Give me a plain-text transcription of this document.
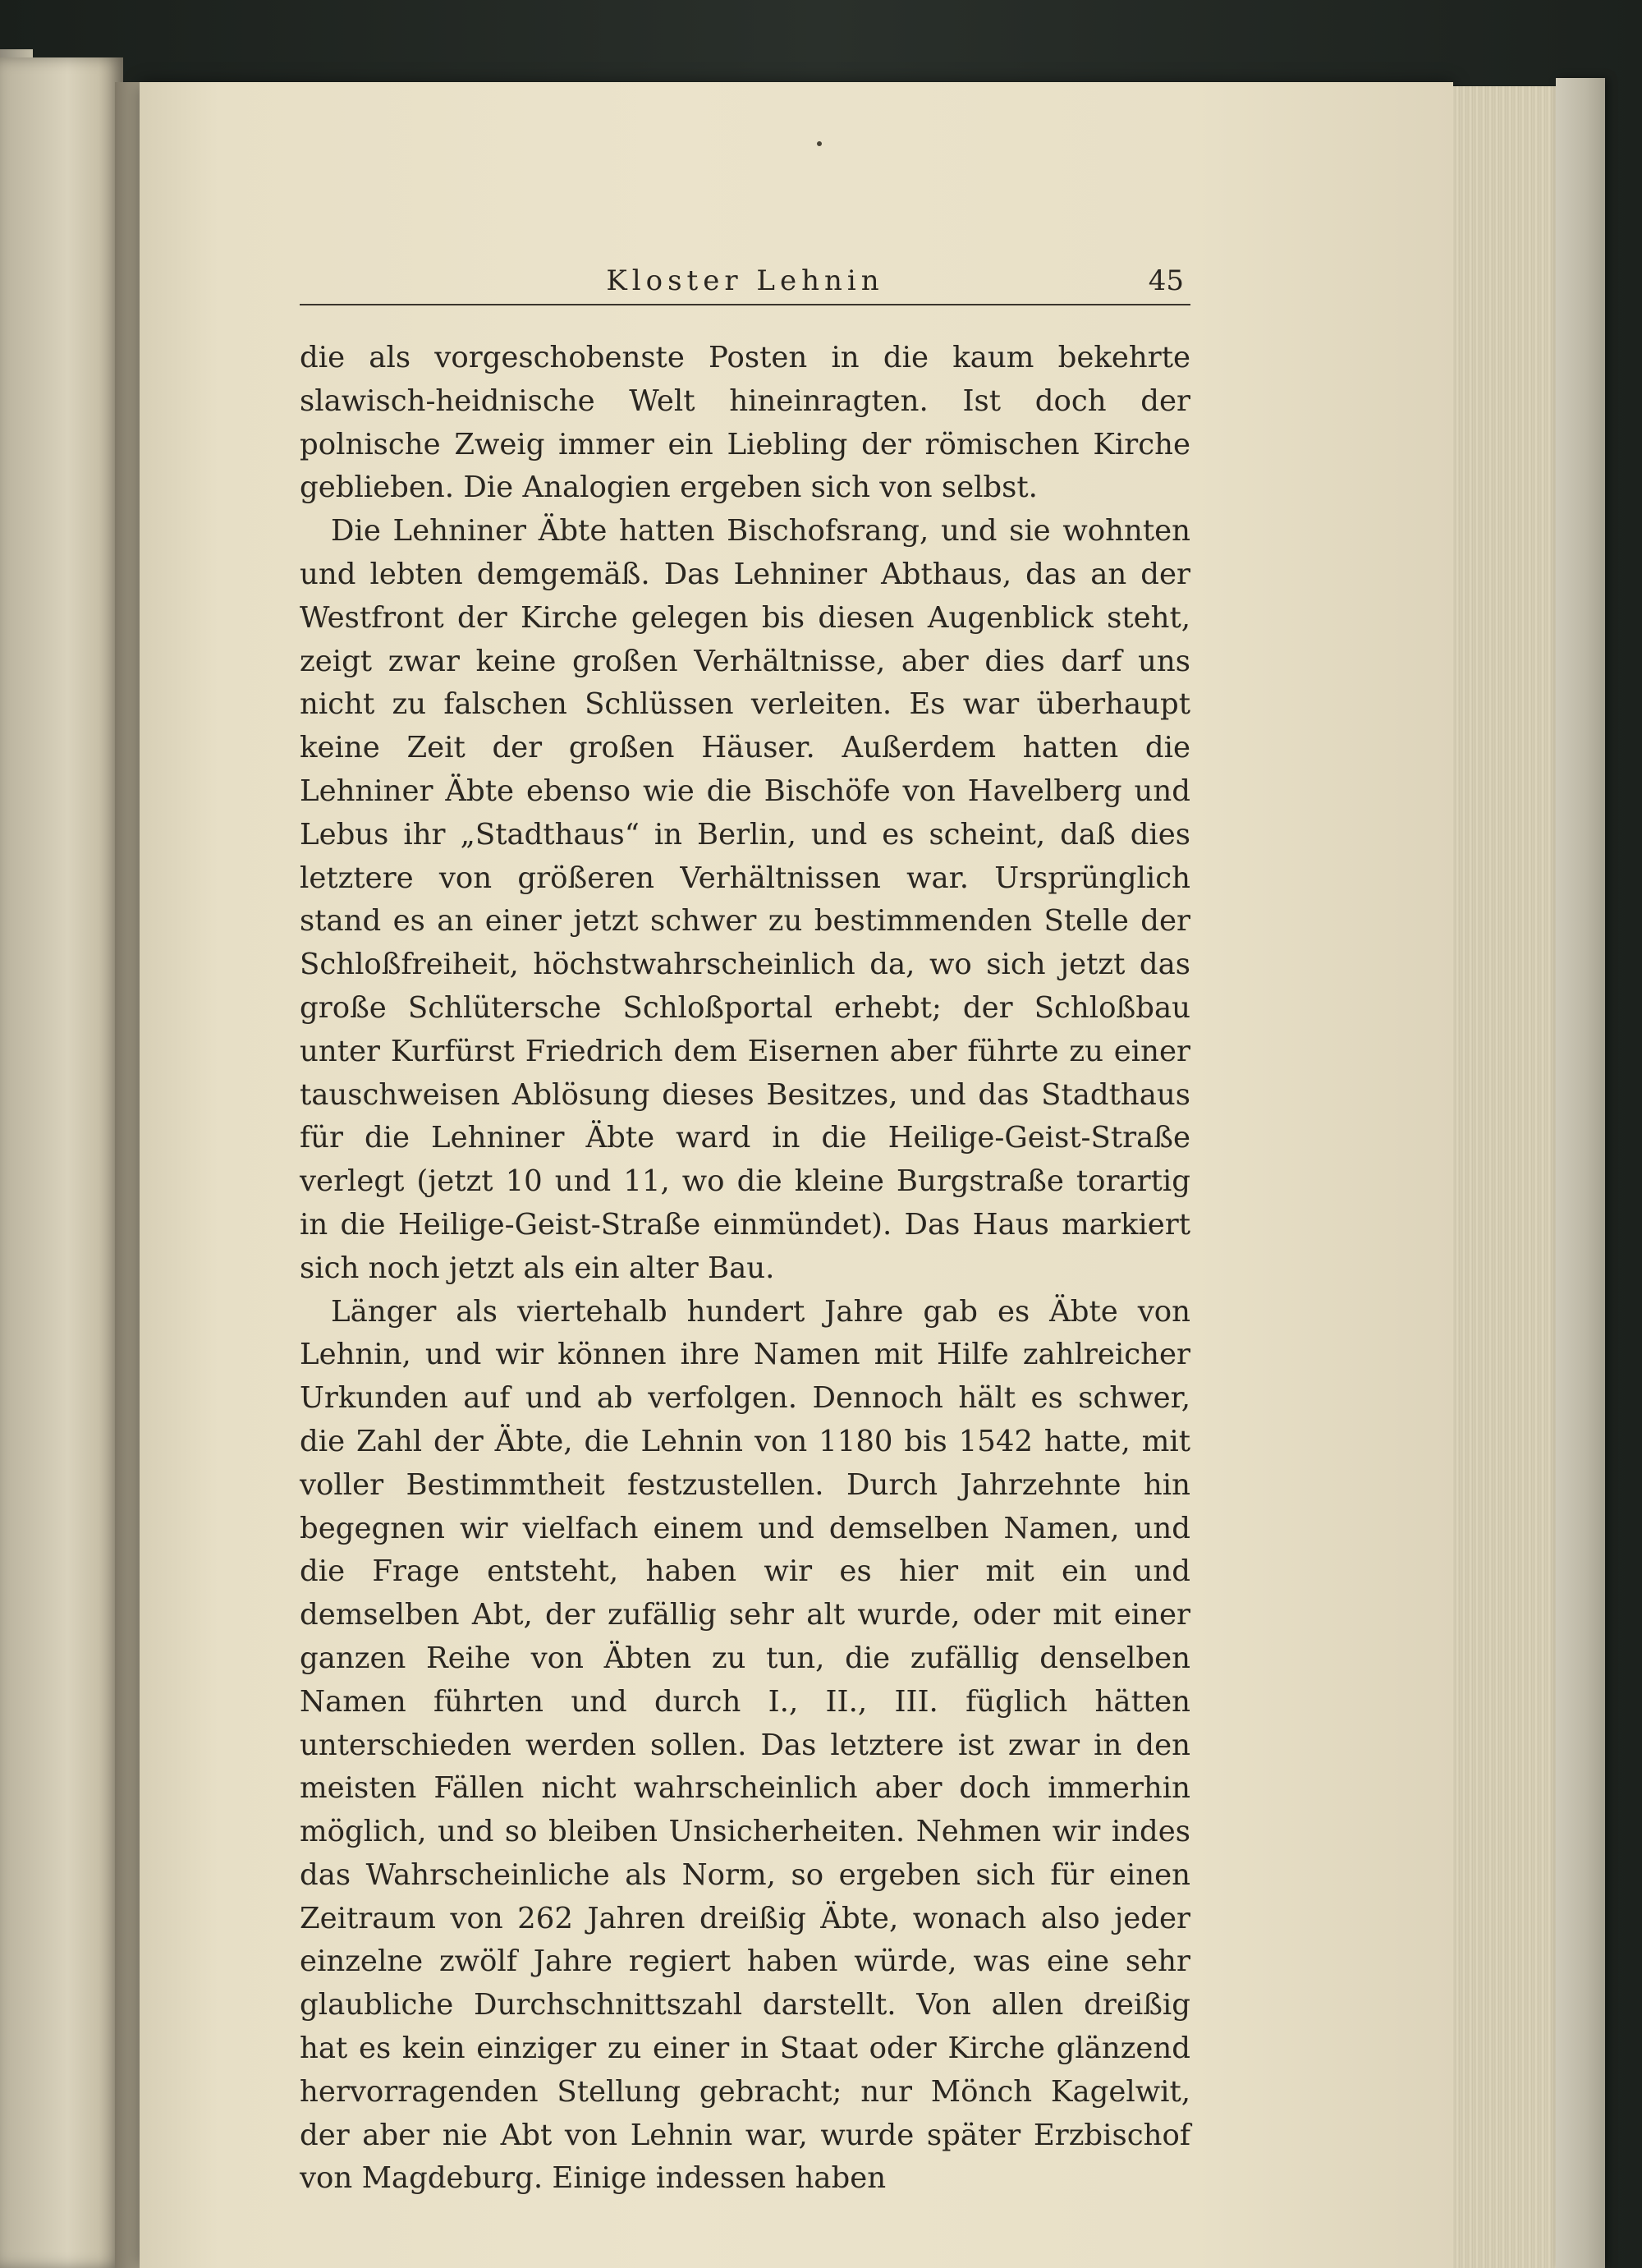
Kloster Lehnin	45

die als vorgeschobenste Posten in die kaum bekehrte slawisch-heidnische Welt hineinragten. Ist doch der polnische Zweig immer ein Liebling der römischen Kirche geblieben. Die Analogien ergeben sich von selbst.

Die Lehniner Äbte hatten Bischofsrang, und sie wohnten und lebten demgemäß. Das Lehniner Abthaus, das an der Westfront der Kirche gelegen bis diesen Augenblick steht, zeigt zwar keine großen Verhältnisse, aber dies darf uns nicht zu falschen Schlüssen verleiten. Es war überhaupt keine Zeit der großen Häuser. Außerdem hatten die Lehniner Äbte ebenso wie die Bischöfe von Havelberg und Lebus ihr „Stadthaus“ in Berlin, und es scheint, daß dies letztere von größeren Verhältnissen war. Ursprünglich stand es an einer jetzt schwer zu bestimmenden Stelle der Schloßfreiheit, höchstwahrscheinlich da, wo sich jetzt das große Schlütersche Schloßportal erhebt; der Schloßbau unter Kurfürst Friedrich dem Eisernen aber führte zu einer tauschweisen Ablösung dieses Besitzes, und das Stadthaus für die Lehniner Äbte ward in die Heilige-Geist-Straße verlegt (jetzt 10 und 11, wo die kleine Burgstraße torartig in die Heilige-Geist-Straße einmündet). Das Haus markiert sich noch jetzt als ein alter Bau.

Länger als viertehalb hundert Jahre gab es Äbte von Lehnin, und wir können ihre Namen mit Hilfe zahlreicher Urkunden auf und ab verfolgen. Dennoch hält es schwer, die Zahl der Äbte, die Lehnin von 1180 bis 1542 hatte, mit voller Bestimmtheit festzustellen. Durch Jahrzehnte hin begegnen wir vielfach einem und demselben Namen, und die Frage entsteht, haben wir es hier mit ein und demselben Abt, der zufällig sehr alt wurde, oder mit einer ganzen Reihe von Äbten zu tun, die zufällig denselben Namen führten und durch I., II., III. füglich hätten unterschieden werden sollen. Das letztere ist zwar in den meisten Fällen nicht wahrscheinlich aber doch immerhin möglich, und so bleiben Unsicherheiten. Nehmen wir indes das Wahrscheinliche als Norm, so ergeben sich für einen Zeitraum von 262 Jahren dreißig Äbte, wonach also jeder einzelne zwölf Jahre regiert haben würde, was eine sehr glaubliche Durchschnittszahl darstellt. Von allen dreißig hat es kein einziger zu einer in Staat oder Kirche glänzend hervorragenden Stellung gebracht; nur Mönch Kagelwit, der aber nie Abt von Lehnin war, wurde später Erzbischof von Magdeburg. Einige indessen haben
